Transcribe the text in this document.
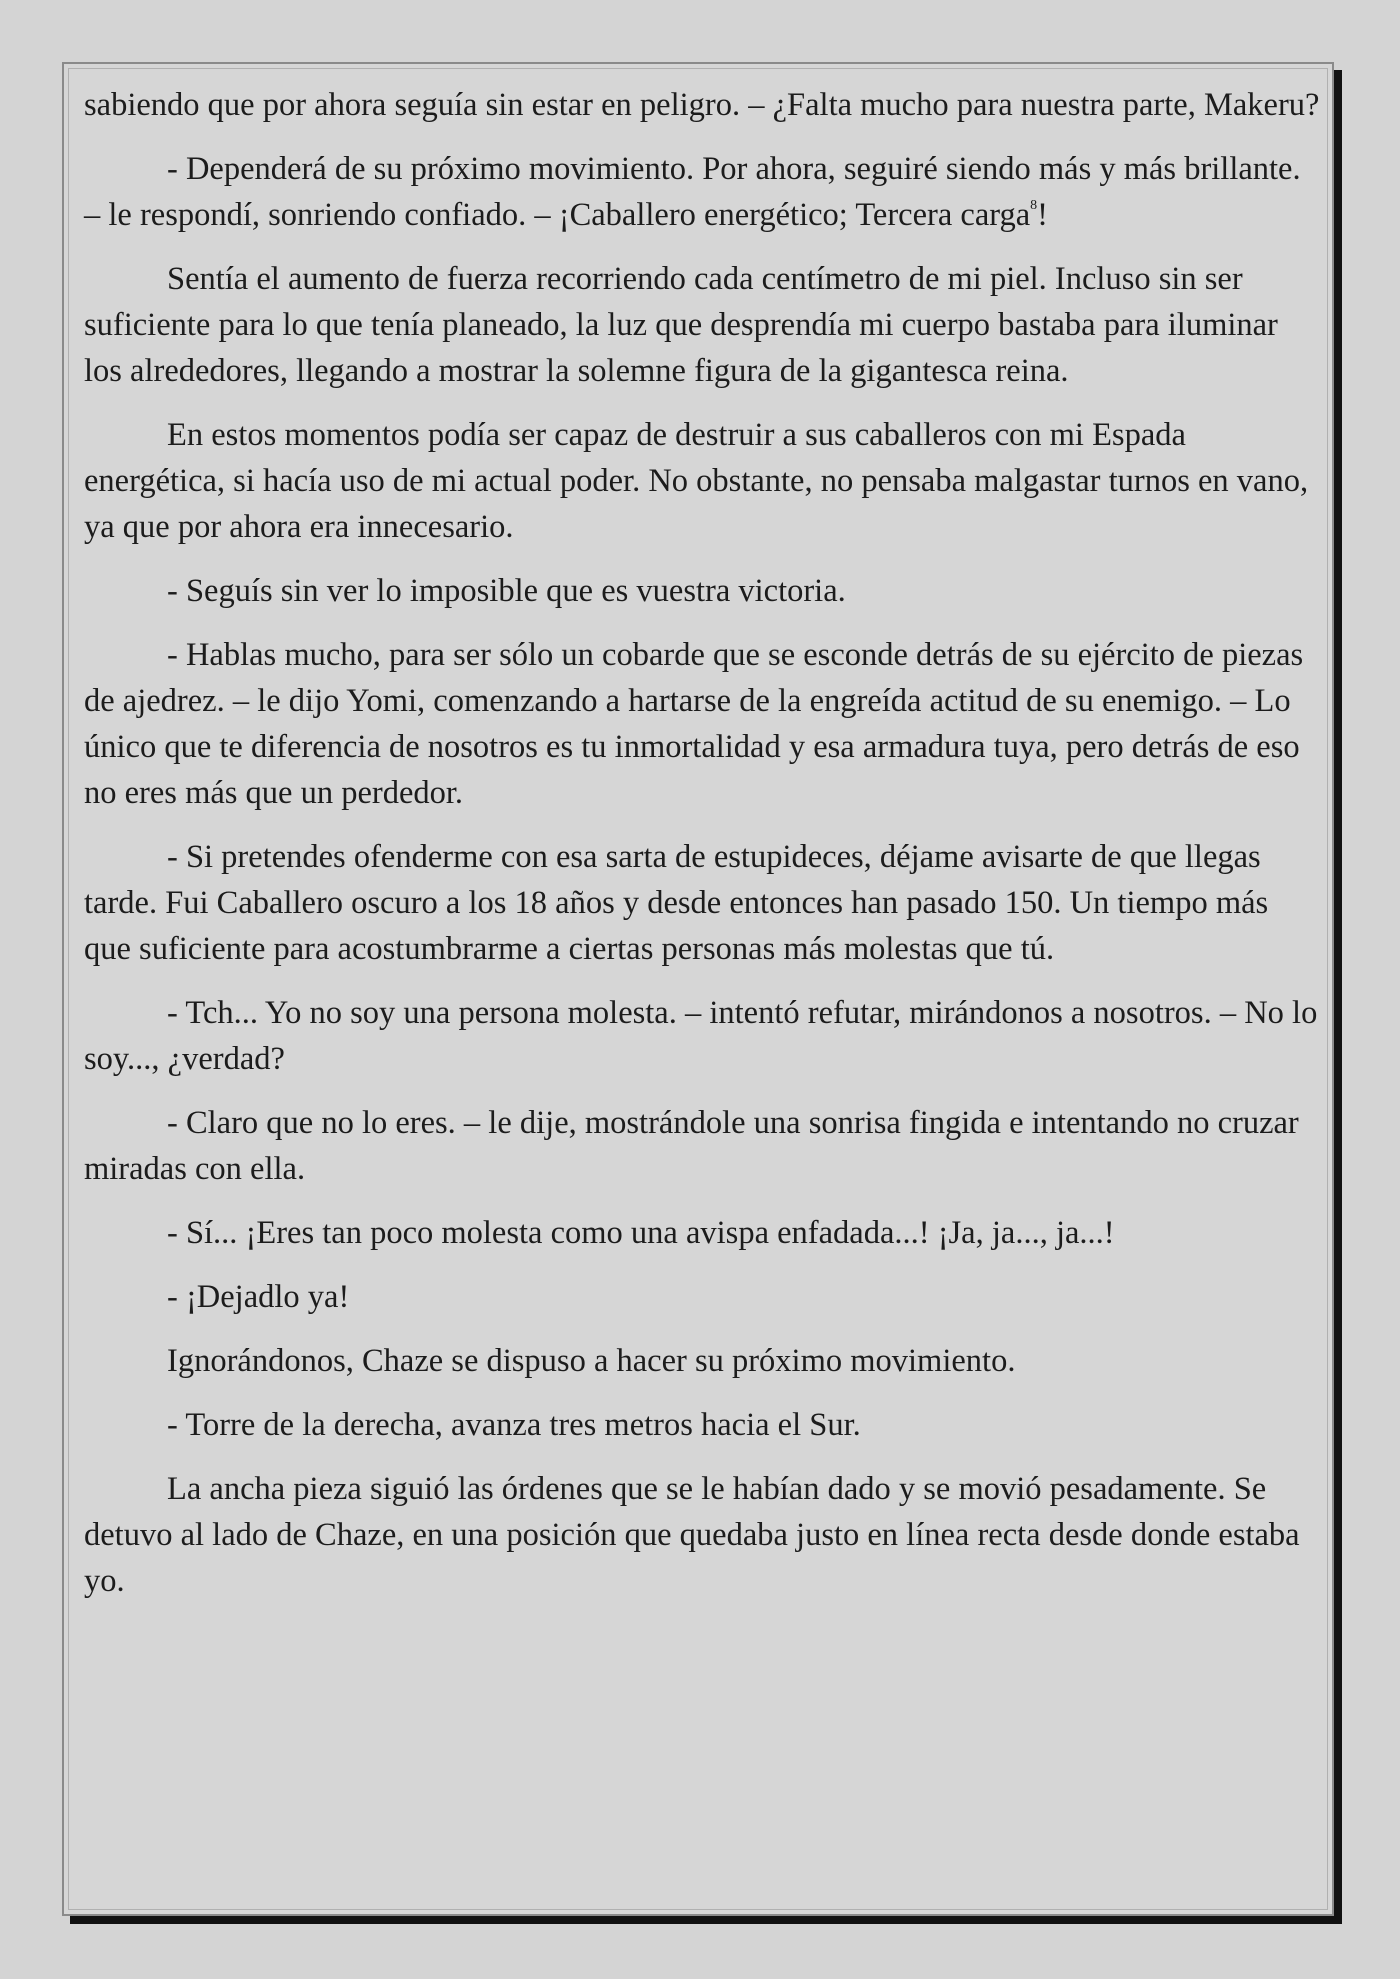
sabiendo que por ahora seguía sin estar en peligro. – ¿Falta mucho para nuestra parte, Makeru?

- Dependerá de su próximo movimiento. Por ahora, seguiré siendo más y más brillante. – le respondí, sonriendo confiado. – ¡Caballero energético; Tercera carga$^8$!

Sentía el aumento de fuerza recorriendo cada centímetro de mi piel. Incluso sin ser suficiente para lo que tenía planeado, la luz que desprendía mi cuerpo bastaba para iluminar los alrededores, llegando a mostrar la solemne figura de la gigantesca reina.

En estos momentos podía ser capaz de destruir a sus caballeros con mi Espada energética, si hacía uso de mi actual poder. No obstante, no pensaba malgastar turnos en vano, ya que por ahora era innecesario.

- Seguís sin ver lo imposible que es vuestra victoria.

- Hablas mucho, para ser sólo un cobarde que se esconde detrás de su ejército de piezas de ajedrez. – le dijo Yomi, comenzando a hartarse de la engreída actitud de su enemigo. – Lo único que te diferencia de nosotros es tu inmortalidad y esa armadura tuya, pero detrás de eso no eres más que un perdedor.

- Si pretendes ofenderme con esa sarta de estupideces, déjame avisarte de que llegas tarde. Fui Caballero oscuro a los 18 años y desde entonces han pasado 150. Un tiempo más que suficiente para acostumbrarme a ciertas personas más molestas que tú.

- Tch... Yo no soy una persona molesta. – intentó refutar, mirándonos a nosotros. – No lo soy..., ¿verdad?

- Claro que no lo eres. – le dije, mostrándole una sonrisa fingida e intentando no cruzar miradas con ella.

- Sí... ¡Eres tan poco molesta como una avispa enfadada...! ¡Ja, ja..., ja...!

- ¡Dejadlo ya!

Ignorándonos, Chaze se dispuso a hacer su próximo movimiento.

- Torre de la derecha, avanza tres metros hacia el Sur.

La ancha pieza siguió las órdenes que se le habían dado y se movió pesadamente. Se detuvo al lado de Chaze, en una posición que quedaba justo en línea recta desde donde estaba yo.
